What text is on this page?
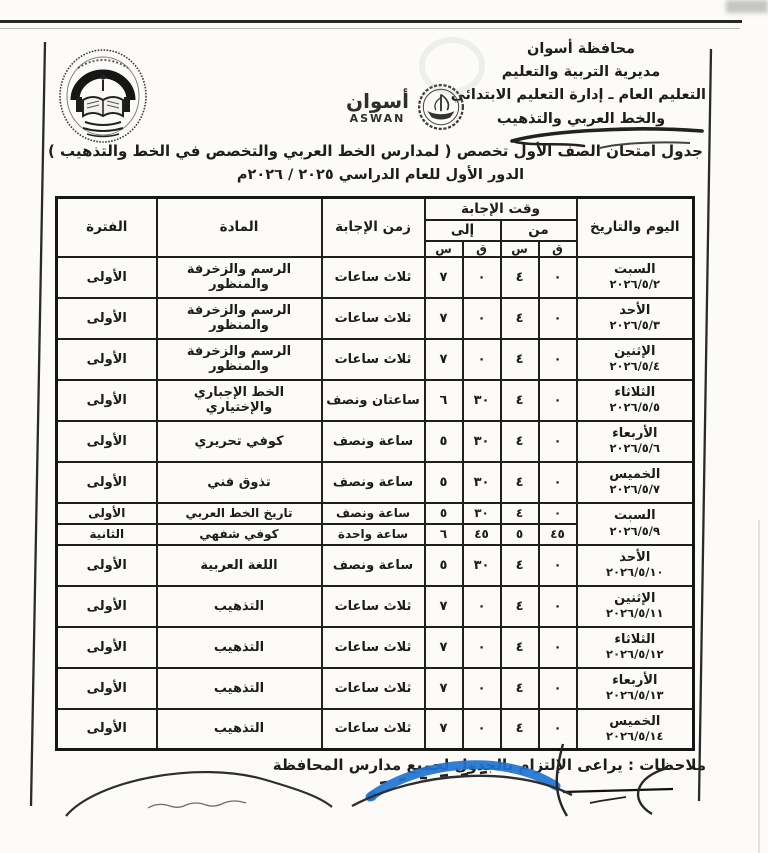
محافظة أسوان
مديرية التربية والتعليم
التعليم العام ـ إدارة التعليم الابتدائي
والخط العربي والتذهيب
أسوان
ASWAN
جدول امتحان الصف الأول تخصص ( لمدارس الخط العربي والتخصص في الخط والتذهيب )
الدور الأول للعام الدراسي ٢٠٢٥ / ٢٠٢٦م
اليوم والتاريخ	وقت الإجابة				زمن الإجابة	المادة	الفترة
	من		إلى				
	ق	س	ق	س			

السبت
٢٠٢٦/٥/٢	٠	٤	٠	٧	ثلاث ساعات	الرسم والزخرفة والمنظور	الأولى

الأحد
٢٠٢٦/٥/٣	٠	٤	٠	٧	ثلاث ساعات	الرسم والزخرفة والمنظور	الأولى

الإثنين
٢٠٢٦/٥/٤	٠	٤	٠	٧	ثلاث ساعات	الرسم والزخرفة والمنظور	الأولى

الثلاثاء
٢٠٢٦/٥/٥	٠	٤	٣٠	٦	ساعتان ونصف	الخط الإجباري والإختياري	الأولى

الأربعاء
٢٠٢٦/٥/٦	٠	٤	٣٠	٥	ساعة ونصف	كوفي تحريري	الأولى

الخميس
٢٠٢٦/٥/٧	٠	٤	٣٠	٥	ساعة ونصف	تذوق فني	الأولى

السبت
٢٠٢٦/٥/٩	٠	٤	٣٠	٥	ساعة ونصف	تاريخ الخط العربي	الأولى
	٤٥	٥	٤٥	٦	ساعة واحدة	كوفي شفهي	الثانية

الأحد
٢٠٢٦/٥/١٠	٠	٤	٣٠	٥	ساعة ونصف	اللغة العربية	الأولى

الإثنين
٢٠٢٦/٥/١١	٠	٤	٠	٧	ثلاث ساعات	التذهيب	الأولى

الثلاثاء
٢٠٢٦/٥/١٢	٠	٤	٠	٧	ثلاث ساعات	التذهيب	الأولى

الأربعاء
٢٠٢٦/٥/١٣	٠	٤	٠	٧	ثلاث ساعات	التذهيب	الأولى

الخميس
٢٠٢٦/٥/١٤	٠	٤	٠	٧	ثلاث ساعات	التذهيب	الأولى
ملاحظات : يراعى الإلتزام بالجدول لجميع مدارس المحافظة
